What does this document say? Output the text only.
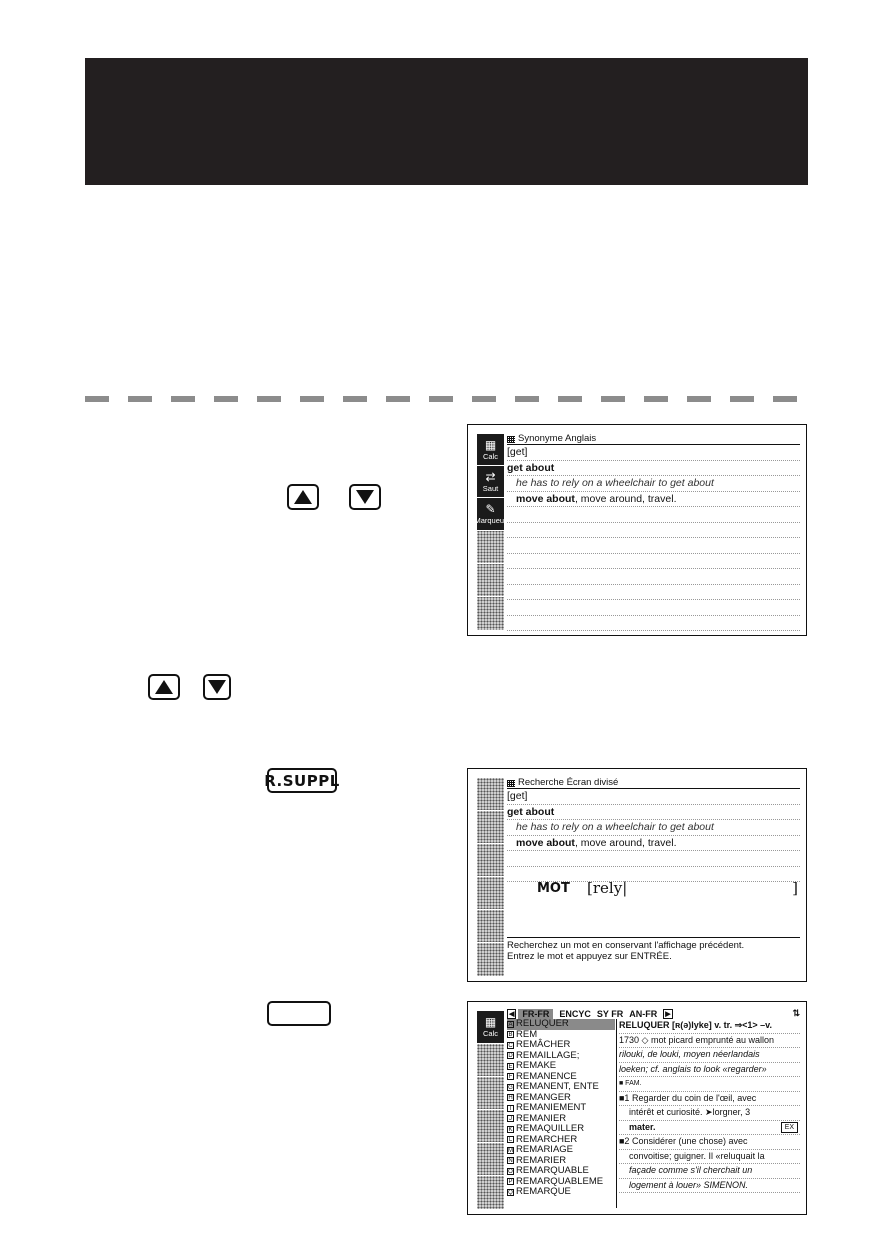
R.SUPPL
▦
Calc
⇄
Saut
✎
Marqueur
Synonyme Anglais
[get]
get about
he has to rely on a wheelchair to get about
move about, move around, travel.
Recherche Écran divisé
[get]
get about
he has to rely on a wheelchair to get about
move about, move around, travel.
MOT [rely|	]
Recherchez un mot en conservant l'affichage précédent.
Entrez le mot et appuyez sur ENTRÉE.
▦
Calc
◀ FR-FR	ENCYC SY FR AN-FR ▶	⇅
A RELUQUER
B REM
C REMÂCHER
D REMAILLAGE;
E REMAKE
F REMANENCE
G REMANENT, ENTE
H REMANGER
I REMANIEMENT
J REMANIER
K REMAQUILLER
L REMARCHER
M REMARIAGE
N REMARIER
O REMARQUABLE
P REMARQUABLEME
Q REMARQUE
RELUQUER [ʀ(ə)lyke] v. tr. ⇒<1> –v.
1730 ◇ mot picard emprunté au wallon
rilouki, de louki, moyen néerlandais
loeken; cf. anglais to look «regarder»
■ FAM.
■1 Regarder du coin de l'œil, avec
intérêt et curiosité. ➤lorgner, 3
mater.	EX
■2 Considérer (une chose) avec
convoitise; guigner. Il «reluquait la
façade comme s'il cherchait un
logement à louer» SIMENON.
